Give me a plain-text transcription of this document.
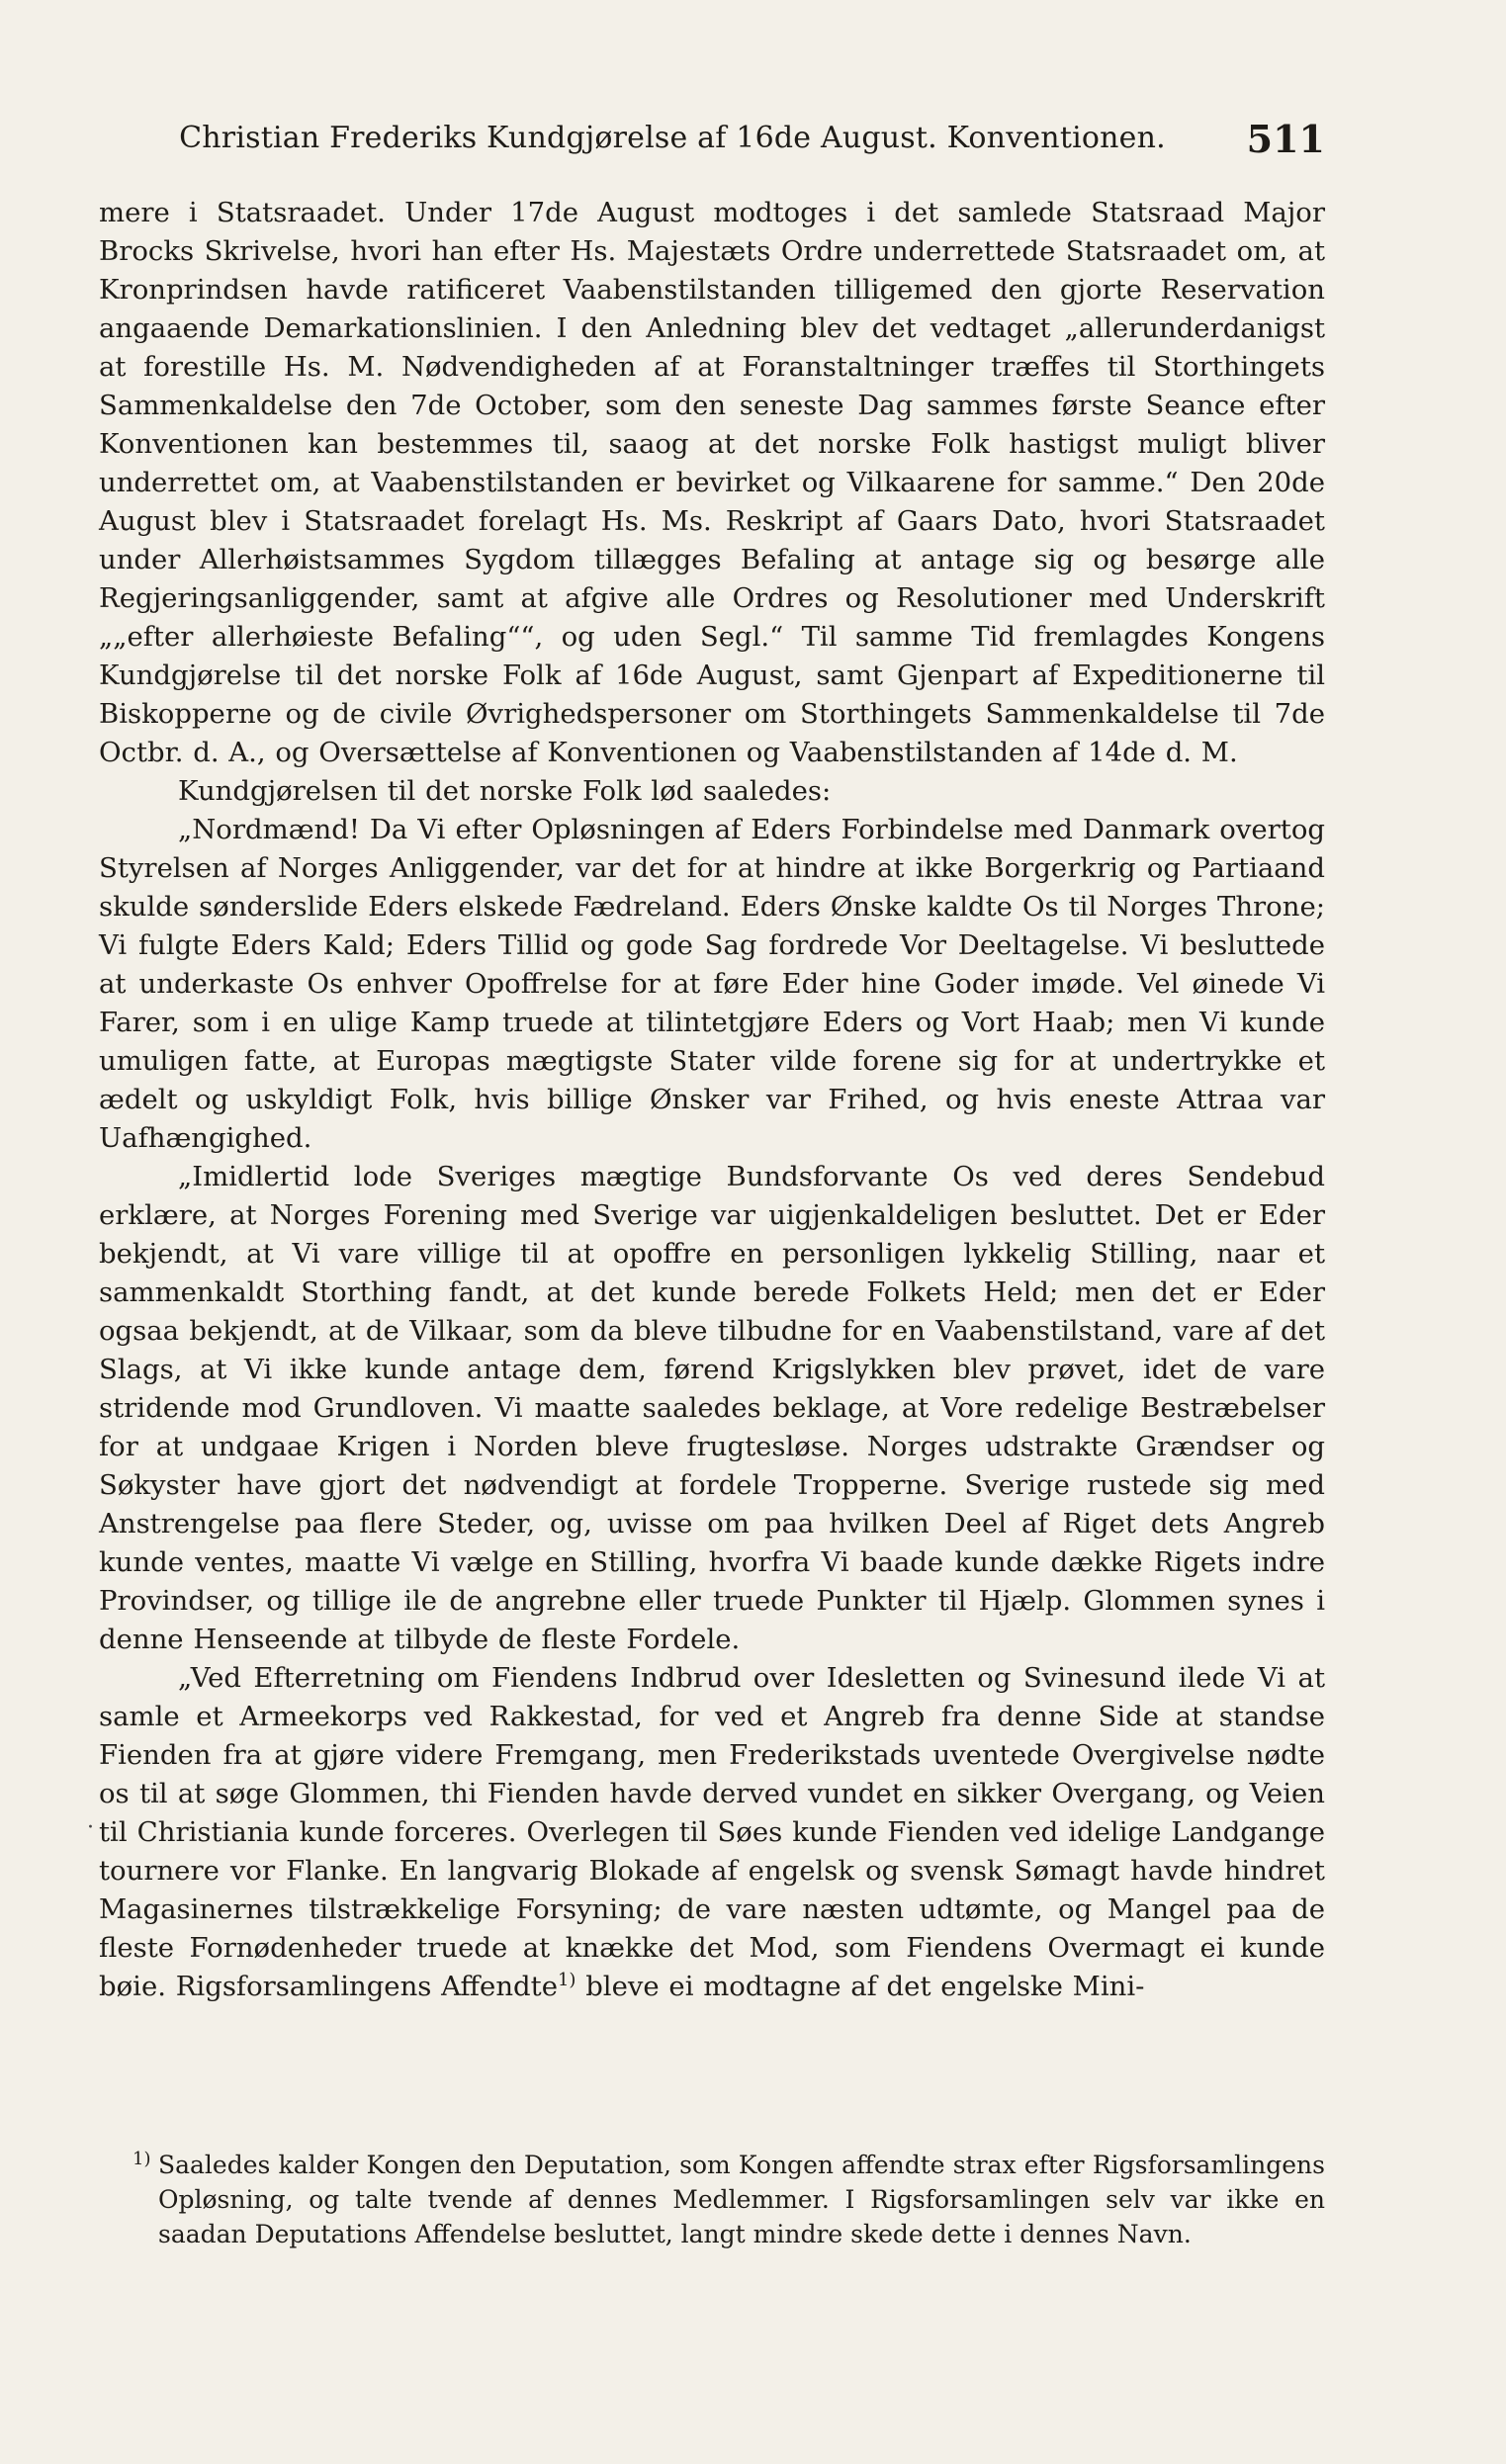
Christian Frederiks Kundgjørelse af 16de August. Konventionen.	511

mere i Statsraadet. Under 17de August modtoges i det samlede Statsraad Major Brocks Skrivelse, hvori han efter Hs. Majestæts Ordre underrettede Statsraadet om, at Kronprindsen havde ratificeret Vaabenstilstanden tilligemed den gjorte Reservation angaaende Demarkationslinien. I den Anledning blev det vedtaget „allerunderdanigst at forestille Hs. M. Nødvendigheden af at Foranstaltninger træffes til Storthingets Sammenkaldelse den 7de October, som den seneste Dag sammes første Seance efter Konventionen kan bestemmes til, saaog at det norske Folk hastigst muligt bliver underrettet om, at Vaabenstilstanden er bevirket og Vilkaarene for samme.“ Den 20de August blev i Statsraadet forelagt Hs. Ms. Reskript af Gaars Dato, hvori Statsraadet under Allerhøistsammes Sygdom tillægges Befaling at antage sig og besørge alle Regjeringsanliggender, samt at afgive alle Ordres og Resolutioner med Underskrift „„efter allerhøieste Befaling““, og uden Segl.“ Til samme Tid fremlagdes Kongens Kundgjørelse til det norske Folk af 16de August, samt Gjenpart af Expeditionerne til Biskopperne og de civile Øvrighedspersoner om Storthingets Sammenkaldelse til 7de Octbr. d. A., og Oversættelse af Konventionen og Vaabenstilstanden af 14de d. M.

Kundgjørelsen til det norske Folk lød saaledes:

„Nordmænd! Da Vi efter Opløsningen af Eders Forbindelse med Danmark overtog Styrelsen af Norges Anliggender, var det for at hindre at ikke Borgerkrig og Partiaand skulde sønderslide Eders elskede Fædreland. Eders Ønske kaldte Os til Norges Throne; Vi fulgte Eders Kald; Eders Tillid og gode Sag fordrede Vor Deeltagelse. Vi besluttede at underkaste Os enhver Opoffrelse for at føre Eder hine Goder imøde. Vel øinede Vi Farer, som i en ulige Kamp truede at tilintetgjøre Eders og Vort Haab; men Vi kunde umuligen fatte, at Europas mægtigste Stater vilde forene sig for at undertrykke et ædelt og uskyldigt Folk, hvis billige Ønsker var Frihed, og hvis eneste Attraa var Uafhængighed.

„Imidlertid lode Sveriges mægtige Bundsforvante Os ved deres Sendebud erklære, at Norges Forening med Sverige var uigjenkaldeligen besluttet. Det er Eder bekjendt, at Vi vare villige til at opoffre en personligen lykkelig Stilling, naar et sammenkaldt Storthing fandt, at det kunde berede Folkets Held; men det er Eder ogsaa bekjendt, at de Vilkaar, som da bleve tilbudne for en Vaabenstilstand, vare af det Slags, at Vi ikke kunde antage dem, førend Krigslykken blev prøvet, idet de vare stridende mod Grundloven. Vi maatte saaledes beklage, at Vore redelige Bestræbelser for at undgaae Krigen i Norden bleve frugtesløse. Norges udstrakte Grændser og Søkyster have gjort det nødvendigt at fordele Tropperne. Sverige rustede sig med Anstrengelse paa flere Steder, og, uvisse om paa hvilken Deel af Riget dets Angreb kunde ventes, maatte Vi vælge en Stilling, hvorfra Vi baade kunde dække Rigets indre Provindser, og tillige ile de angrebne eller truede Punkter til Hjælp. Glommen synes i denne Henseende at tilbyde de fleste Fordele.

„Ved Efterretning om Fiendens Indbrud over Idesletten og Svinesund ilede Vi at samle et Armeekorps ved Rakkestad, for ved et Angreb fra denne Side at standse Fienden fra at gjøre videre Fremgang, men Frederikstads uventede Overgivelse nødte os til at søge Glommen, thi Fienden havde derved vundet en sikker Overgang, og Veien til Christiania kunde forceres. Overlegen til Søes kunde Fienden ved idelige Landgange tournere vor Flanke. En langvarig Blokade af engelsk og svensk Sømagt havde hindret Magasinernes tilstrækkelige Forsyning; de vare næsten udtømte, og Mangel paa de fleste Fornødenheder truede at knække det Mod, som Fiendens Overmagt ei kunde bøie. Rigsforsamlingens Affendte$^{1)}$ bleve ei modtagne af det engelske Mini-

·

1) Saaledes kalder Kongen den Deputation, som Kongen affendte strax efter Rigsforsamlingens Opløsning, og talte tvende af dennes Medlemmer. I Rigsforsamlingen selv var ikke en saadan Deputations Affendelse besluttet, langt mindre skede dette i dennes Navn.
